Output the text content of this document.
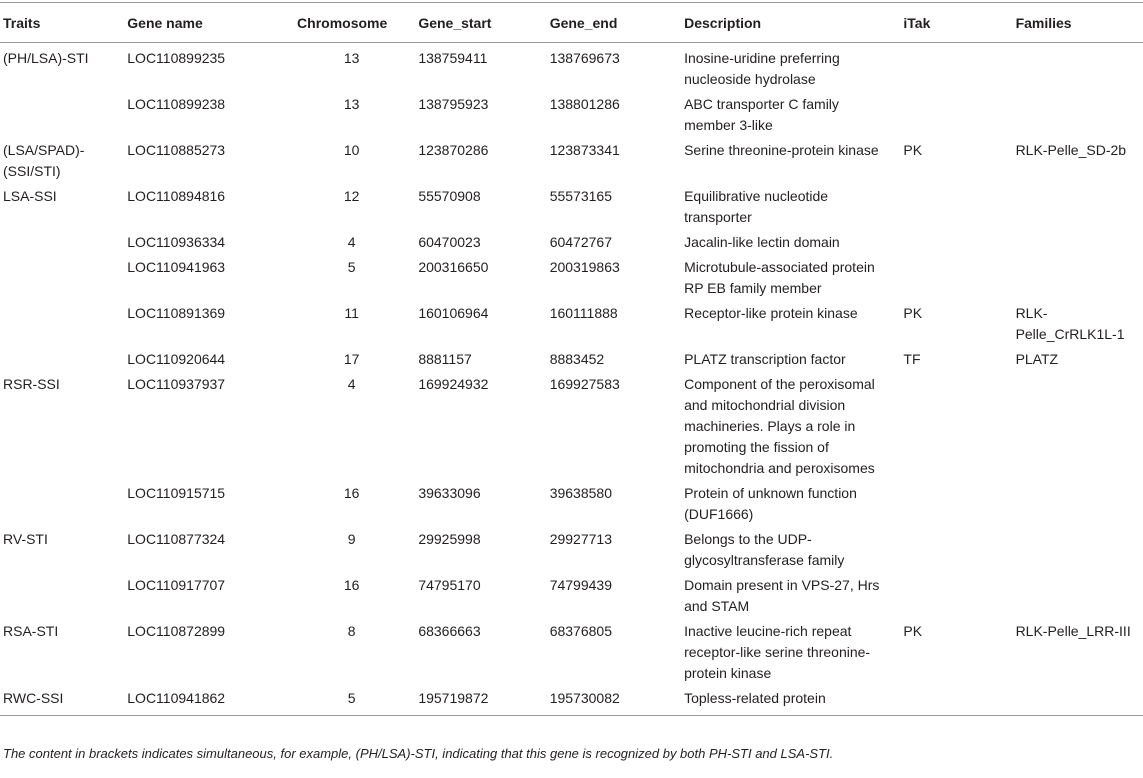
Traits	Gene name	Chromosome	Gene_start	Gene_end	Description	iTak	Families
(PH/LSA)-STI	LOC110899235	13	138759411	138769673	Inosine-uridine preferring nucleoside hydrolase		
	LOC110899238	13	138795923	138801286	ABC transporter C family member 3-like		
(LSA/SPAD)-(SSI/STI)	LOC110885273	10	123870286	123873341	Serine threonine-protein kinase	PK	RLK-Pelle_SD-2b
LSA-SSI	LOC110894816	12	55570908	55573165	Equilibrative nucleotide transporter		
	LOC110936334	4	60470023	60472767	Jacalin-like lectin domain		
	LOC110941963	5	200316650	200319863	Microtubule-associated protein RP EB family member		
	LOC110891369	11	160106964	160111888	Receptor-like protein kinase	PK	RLK-Pelle_CrRLK1L-1
	LOC110920644	17	8881157	8883452	PLATZ transcription factor	TF	PLATZ
RSR-SSI	LOC110937937	4	169924932	169927583	Component of the peroxisomal and mitochondrial division machineries. Plays a role in promoting the fission of mitochondria and peroxisomes		
	LOC110915715	16	39633096	39638580	Protein of unknown function (DUF1666)		
RV-STI	LOC110877324	9	29925998	29927713	Belongs to the UDP-glycosyltransferase family		
	LOC110917707	16	74795170	74799439	Domain present in VPS-27, Hrs and STAM		
RSA-STI	LOC110872899	8	68366663	68376805	Inactive leucine-rich repeat receptor-like serine threonine-protein kinase	PK	RLK-Pelle_LRR-III
RWC-SSI	LOC110941862	5	195719872	195730082	Topless-related protein		
The content in brackets indicates simultaneous, for example, (PH/LSA)-STI, indicating that this gene is recognized by both PH-STI and LSA-STI.
